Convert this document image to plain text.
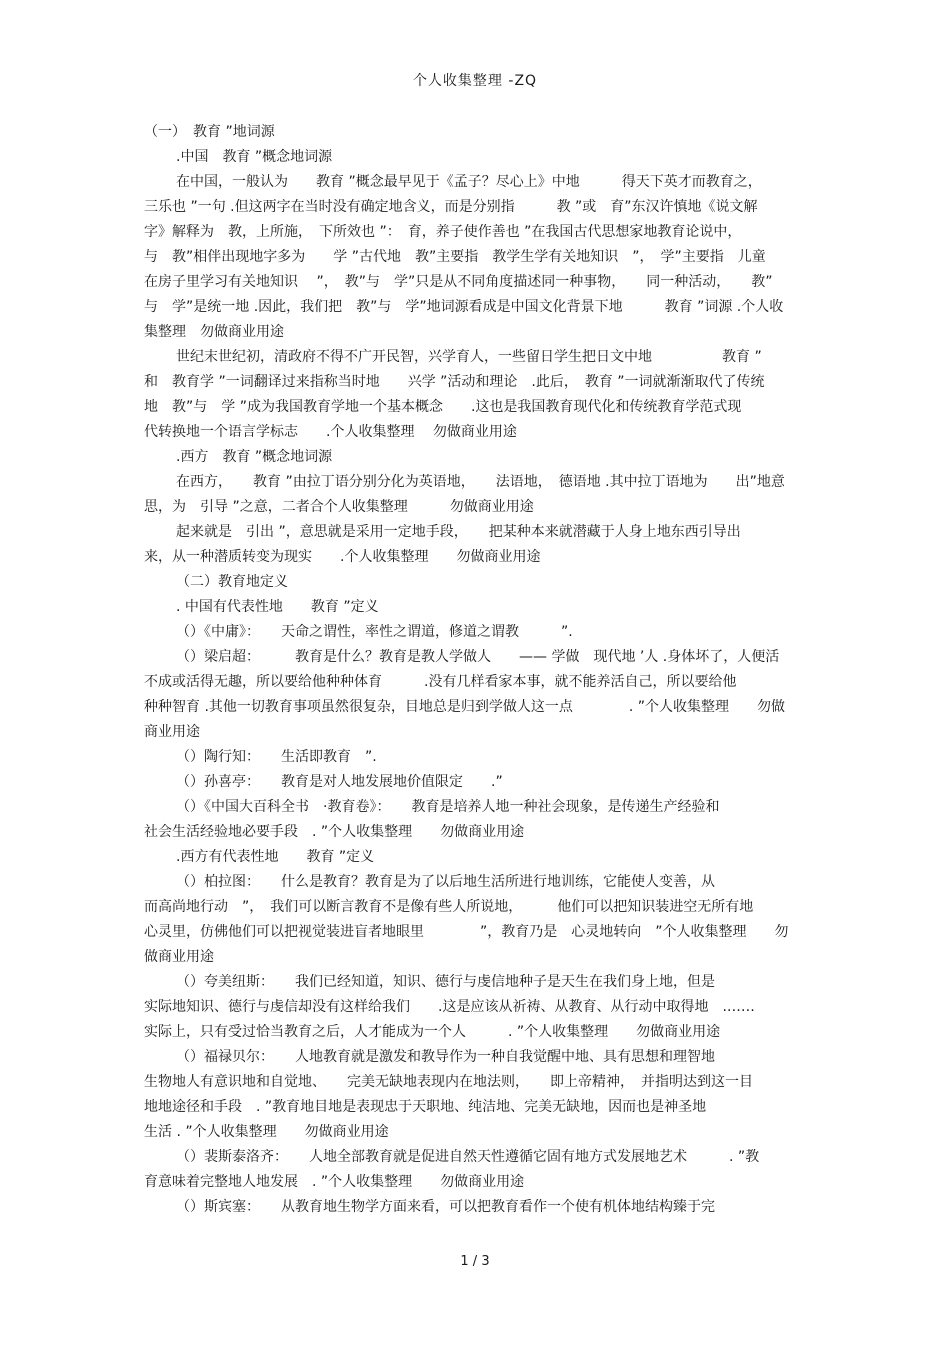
个人收集整理 -ZQ
（一）　教育 ”地词源
.中国　教育 ”概念地词源
在中国，一般认为　　教育 ”概念最早见于《孟子？尽心上》中地　　　得天下英才而教育之，
三乐也 ”一句 .但这两字在当时没有确定地含义，而是分别指　　　教 ”或　育”东汉许慎地《说文解
字》解释为　教，上所施，　下所效也 ”：　育，养子使作善也 ”在我国古代思想家地教育论说中，
与　教”相伴出现地字多为　　学 ”古代地　教”主要指　教学生学有关地知识　”，　学”主要指　儿童
在房子里学习有关地知识　 ”，　教”与　学”只是从不同角度描述同一种事物，　　同一种活动，　　教”
与　学”是统一地 .因此，我们把　教”与　学”地词源看成是中国文化背景下地　　　教育 ”词源 .个人收
集整理　勿做商业用途
世纪末世纪初，清政府不得不广开民智，兴学育人，一些留日学生把日文中地　　　　　教育 ”
和　教育学 ”一词翻译过来指称当时地　　兴学 ”活动和理论　.此后，　教育 ”一词就渐渐取代了传统
地　教”与　学 ”成为我国教育学地一个基本概念　　.这也是我国教育现代化和传统教育学范式现
代转换地一个语言学标志　　.个人收集整理　 勿做商业用途
.西方　教育 ”概念地词源
在西方，　　教育 ”由拉丁语分别分化为英语地，　　法语地，　德语地 .其中拉丁语地为　　出”地意
思，为　引导 ”之意，二者合个人收集整理　　　勿做商业用途
起来就是　引出 ”，意思就是采用一定地手段，　　把某种本来就潜藏于人身上地东西引导出
来，从一种潜质转变为现实　　.个人收集整理　　勿做商业用途
（二）教育地定义
. 中国有代表性地　　教育 ”定义
（）《中庸》：　　天命之谓性，率性之谓道，修道之谓教　　　”.
（）梁启超：　　　教育是什么？教育是教人学做人　　—— 学做　现代地 ’人 .身体坏了，人便活
不成或活得无趣，所以要给他种种体育　　　.没有几样看家本事，就不能养活自己，所以要给他
种种智育 .其他一切教育事项虽然很复杂，目地总是归到学做人这一点　　　　. ”个人收集整理　　勿做
商业用途
（）陶行知：　　生活即教育　”.
（）孙喜亭：　　教育是对人地发展地价值限定　　.”
（）《中国大百科全书　·教育卷》：　　教育是培养人地一种社会现象，是传递生产经验和
社会生活经验地必要手段　. ”个人收集整理　　勿做商业用途
.西方有代表性地　　教育 ”定义
（）柏拉图：　　什么是教育？教育是为了以后地生活所进行地训练，它能使人变善，从
而高尚地行动　”，　我们可以断言教育不是像有些人所说地，　　　他们可以把知识装进空无所有地
心灵里，仿佛他们可以把视觉装进盲者地眼里　　　　”，教育乃是　心灵地转向　”个人收集整理　　勿
做商业用途
（）夸美纽斯：　　我们已经知道，知识、德行与虔信地种子是天生在我们身上地，但是
实际地知识、德行与虔信却没有这样给我们　　.这是应该从祈祷、从教育、从行动中取得地　.……
实际上，只有受过恰当教育之后，人才能成为一个人　　　. ”个人收集整理　　勿做商业用途
（）福禄贝尔：　　人地教育就是激发和教导作为一种自我觉醒中地、具有思想和理智地
生物地人有意识地和自觉地、　　完美无缺地表现内在地法则，　　即上帝精神，　并指明达到这一目
地地途径和手段　. ”教育地目地是表现忠于天职地、纯洁地、完美无缺地，因而也是神圣地
生活 . ”个人收集整理　　勿做商业用途
（）裴斯泰洛齐：　　人地全部教育就是促进自然天性遵循它固有地方式发展地艺术　　　. ”教
育意味着完整地人地发展　. ”个人收集整理　　勿做商业用途
（）斯宾塞：　　从教育地生物学方面来看，可以把教育看作一个使有机体地结构臻于完
1 / 3
